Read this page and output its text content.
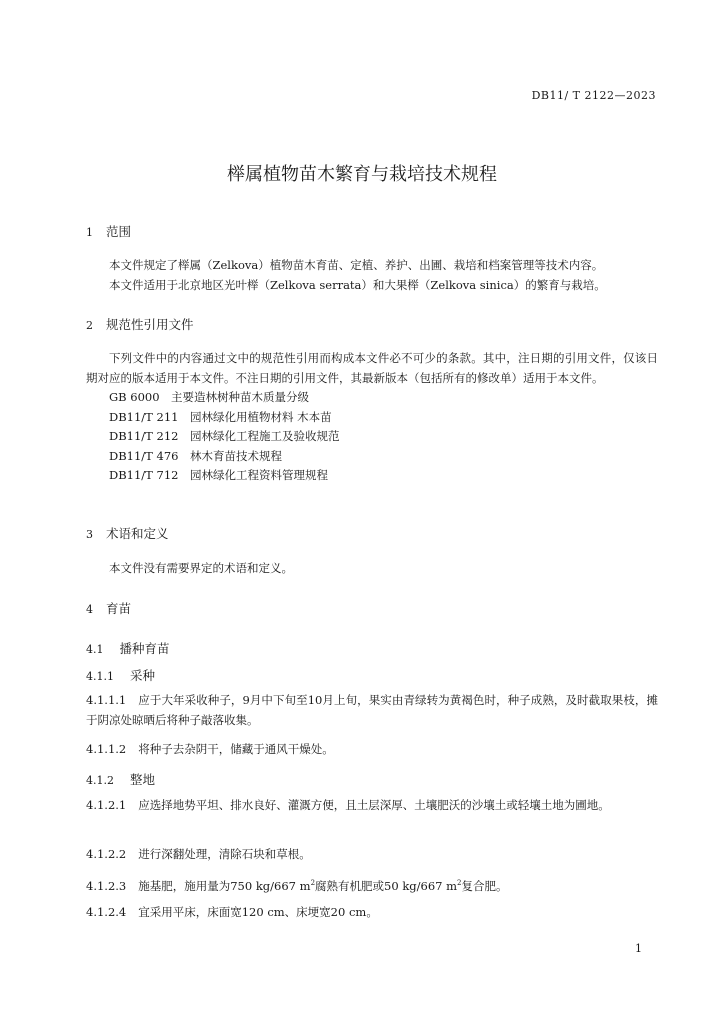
DB11/ T 2122—2023
榉属植物苗木繁育与栽培技术规程
1 范围
本文件规定了榉属（Zelkova）植物苗木育苗、定植、养护、出圃、栽培和档案管理等技术内容。
本文件适用于北京地区光叶榉（Zelkova serrata）和大果榉（Zelkova sinica）的繁育与栽培。
2 规范性引用文件
下列文件中的内容通过文中的规范性引用而构成本文件必不可少的条款。其中，注日期的引用文件，仅该日期对应的版本适用于本文件。不注日期的引用文件，其最新版本（包括所有的修改单）适用于本文件。
GB 6000　主要造林树种苗木质量分级
DB11/T 211　园林绿化用植物材料 木本苗
DB11/T 212　园林绿化工程施工及验收规范
DB11/T 476　林木育苗技术规程
DB11/T 712　园林绿化工程资料管理规程
3 术语和定义
本文件没有需要界定的术语和定义。
4 育苗
4.1 播种育苗
4.1.1 采种
4.1.1.1 应于大年采收种子，9月中下旬至10月上旬，果实由青绿转为黄褐色时，种子成熟，及时截取果枝，摊于阴凉处晾晒后将种子敲落收集。
4.1.1.2 将种子去杂阴干，储藏于通风干燥处。
4.1.2 整地
4.1.2.1 应选择地势平坦、排水良好、灌溉方便，且土层深厚、土壤肥沃的沙壤土或轻壤土地为圃地。
4.1.2.2 进行深翻处理，清除石块和草根。
4.1.2.3 施基肥，施用量为750 kg/667 $m^2$腐熟有机肥或50 kg/667 $m^2$复合肥。
4.1.2.4 宜采用平床，床面宽120 cm、床埂宽20 cm。
1
